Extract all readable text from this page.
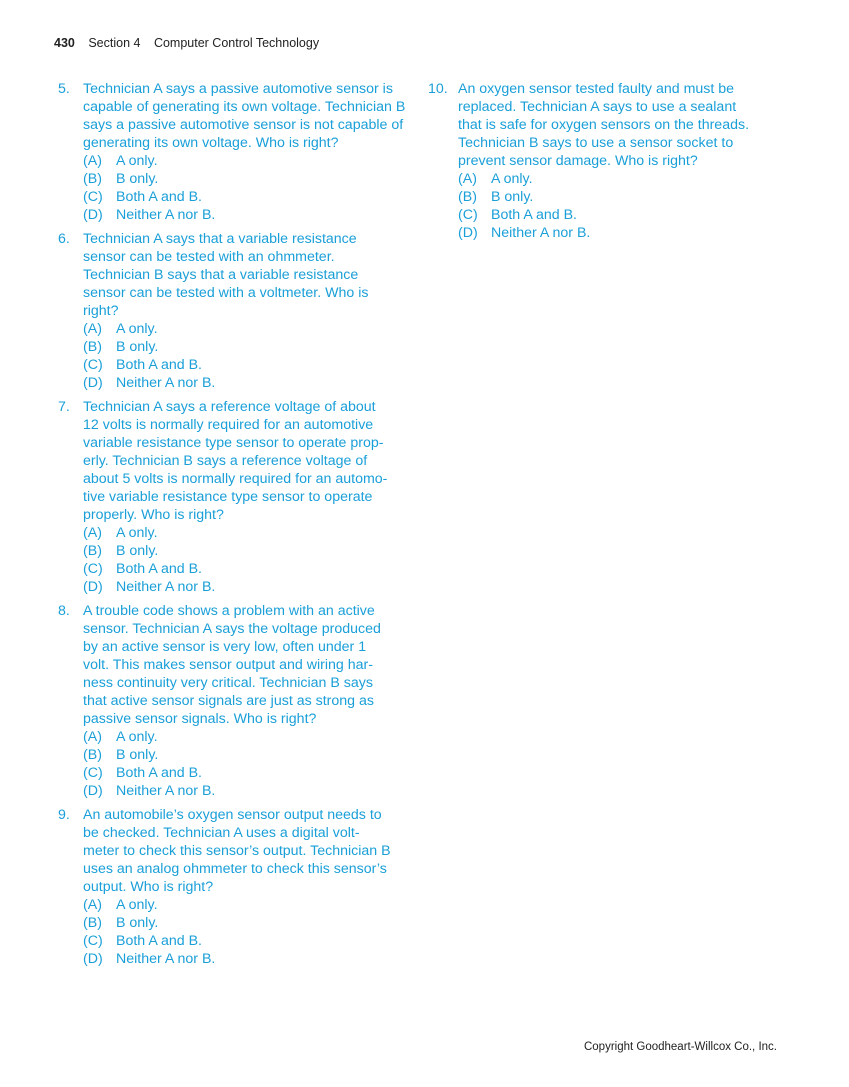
430 Section 4 Computer Control Technology
5. Technician A says a passive automotive sensor is
capable of generating its own voltage. Technician B
says a passive automotive sensor is not capable of
generating its own voltage. Who is right?
(A) A only.
(B) B only.
(C) Both A and B.
(D) Neither A nor B.
6. Technician A says that a variable resistance
sensor can be tested with an ohmmeter.
Technician B says that a variable resistance
sensor can be tested with a voltmeter. Who is
right?
(A) A only.
(B) B only.
(C) Both A and B.
(D) Neither A nor B.
7. Technician A says a reference voltage of about
12 volts is normally required for an automotive
variable resistance type sensor to operate prop-
erly. Technician B says a reference voltage of
about 5 volts is normally required for an automo-
tive variable resistance type sensor to operate
properly. Who is right?
(A) A only.
(B) B only.
(C) Both A and B.
(D) Neither A nor B.
8. A trouble code shows a problem with an active
sensor. Technician A says the voltage produced
by an active sensor is very low, often under 1
volt. This makes sensor output and wiring har-
ness continuity very critical. Technician B says
that active sensor signals are just as strong as
passive sensor signals. Who is right?
(A) A only.
(B) B only.
(C) Both A and B.
(D) Neither A nor B.
9. An automobile’s oxygen sensor output needs to
be checked. Technician A uses a digital volt-
meter to check this sensor’s output. Technician B
uses an analog ohmmeter to check this sensor’s
output. Who is right?
(A) A only.
(B) B only.
(C) Both A and B.
(D) Neither A nor B.
10. An oxygen sensor tested faulty and must be
replaced. Technician A says to use a sealant
that is safe for oxygen sensors on the threads.
Technician B says to use a sensor socket to
prevent sensor damage. Who is right?
(A) A only.
(B) B only.
(C) Both A and B.
(D) Neither A nor B.
Copyright Goodheart-Willcox Co., Inc.
